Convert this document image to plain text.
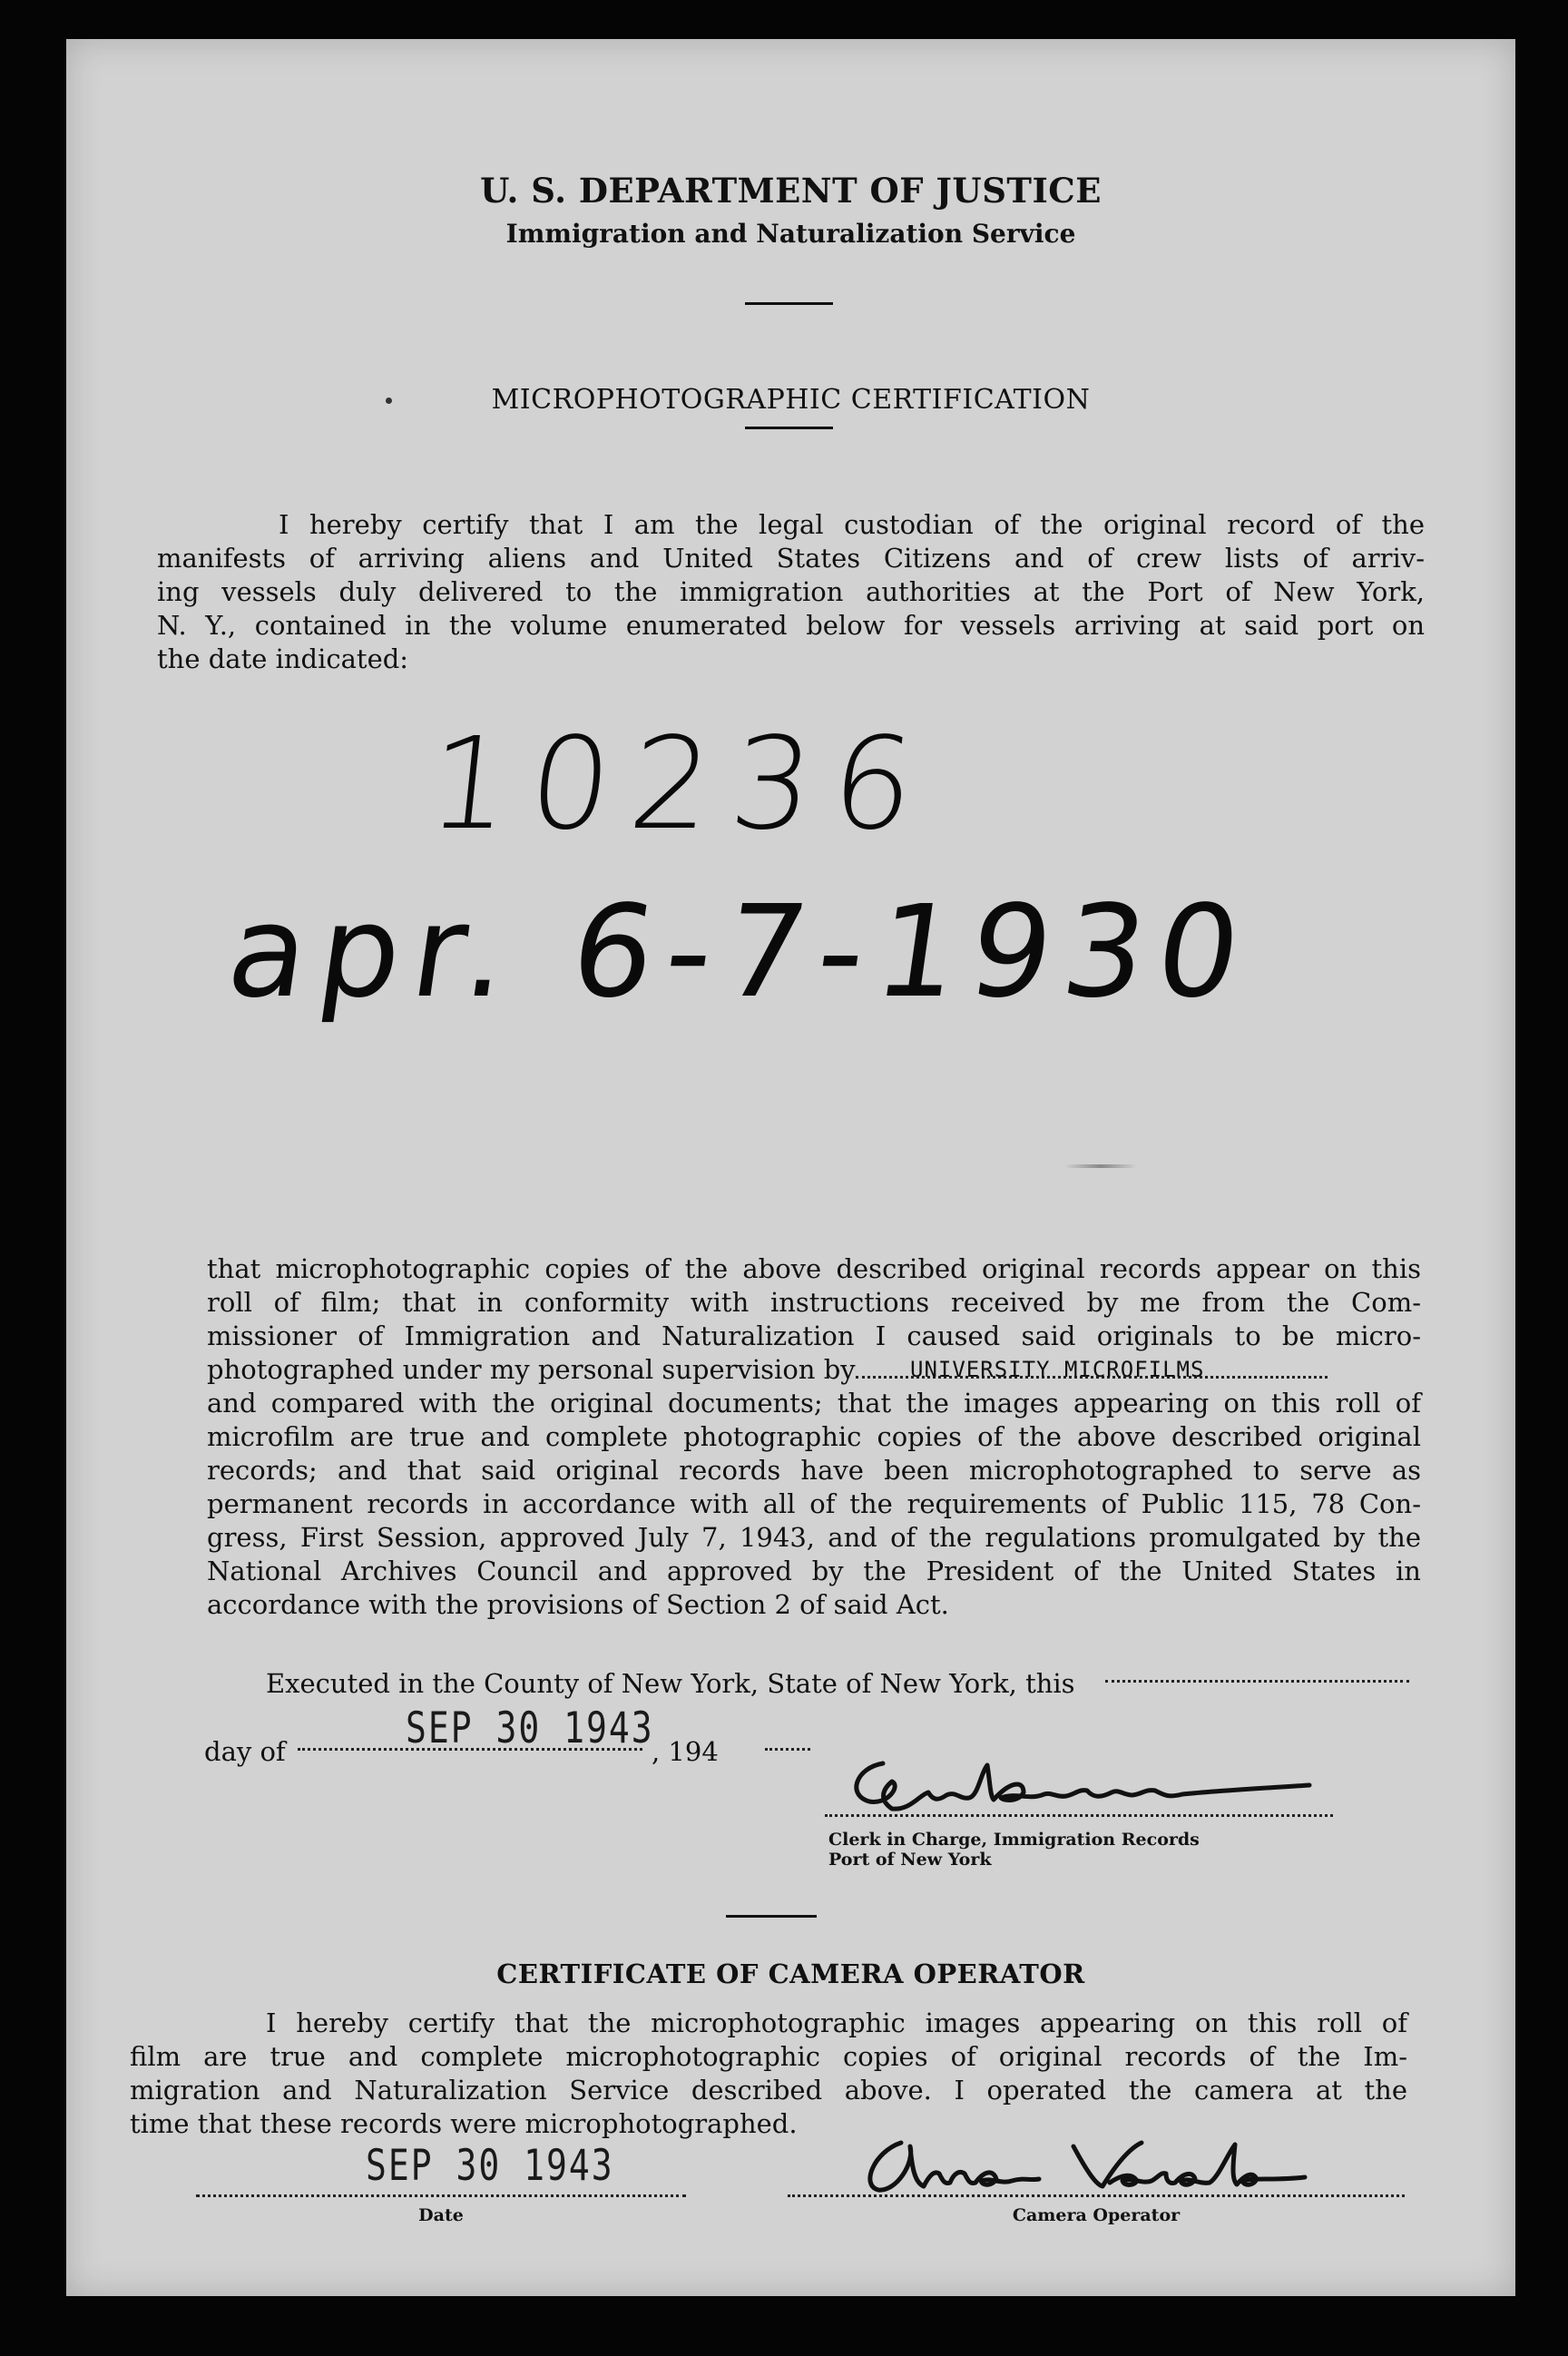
U. S. DEPARTMENT OF JUSTICE
Immigration and Naturalization Service
MICROPHOTOGRAPHIC CERTIFICATION
I hereby certify that I am the legal custodian of the original record of the
manifests of arriving aliens and United States Citizens and of crew lists of arriv-
ing vessels duly delivered to the immigration authorities at the Port of New York,
N. Y., contained in the volume enumerated below for vessels arriving at said port on
the date indicated:
10236
apr. 6-7-1930
that microphotographic copies of the above described original records appear on this
roll of film; that in conformity with instructions received by me from the Com-
missioner of Immigration and Naturalization I caused said originals to be micro-
photographed under my personal supervision by
and compared with the original documents; that the images appearing on this roll of
microfilm are true and complete photographic copies of the above described original
records; and that said original records have been microphotographed to serve as
permanent records in accordance with all of the requirements of Public 115, 78 Con-
gress, First Session, approved July 7, 1943, and of the regulations promulgated by the
National Archives Council and approved by the President of the United States in
accordance with the provisions of Section 2 of said Act.
UNIVERSITY MICROFILMS
Executed in the County of New York, State of New York, this
day of	SEP 30 1943
, 194
Clerk in Charge, Immigration Records
Port of New York
CERTIFICATE OF CAMERA OPERATOR
I hereby certify that the microphotographic images appearing on this roll of
film are true and complete microphotographic copies of original records of the Im-
migration and Naturalization Service described above. I operated the camera at the
time that these records were microphotographed.
SEP 30 1943
Date	Camera Operator
